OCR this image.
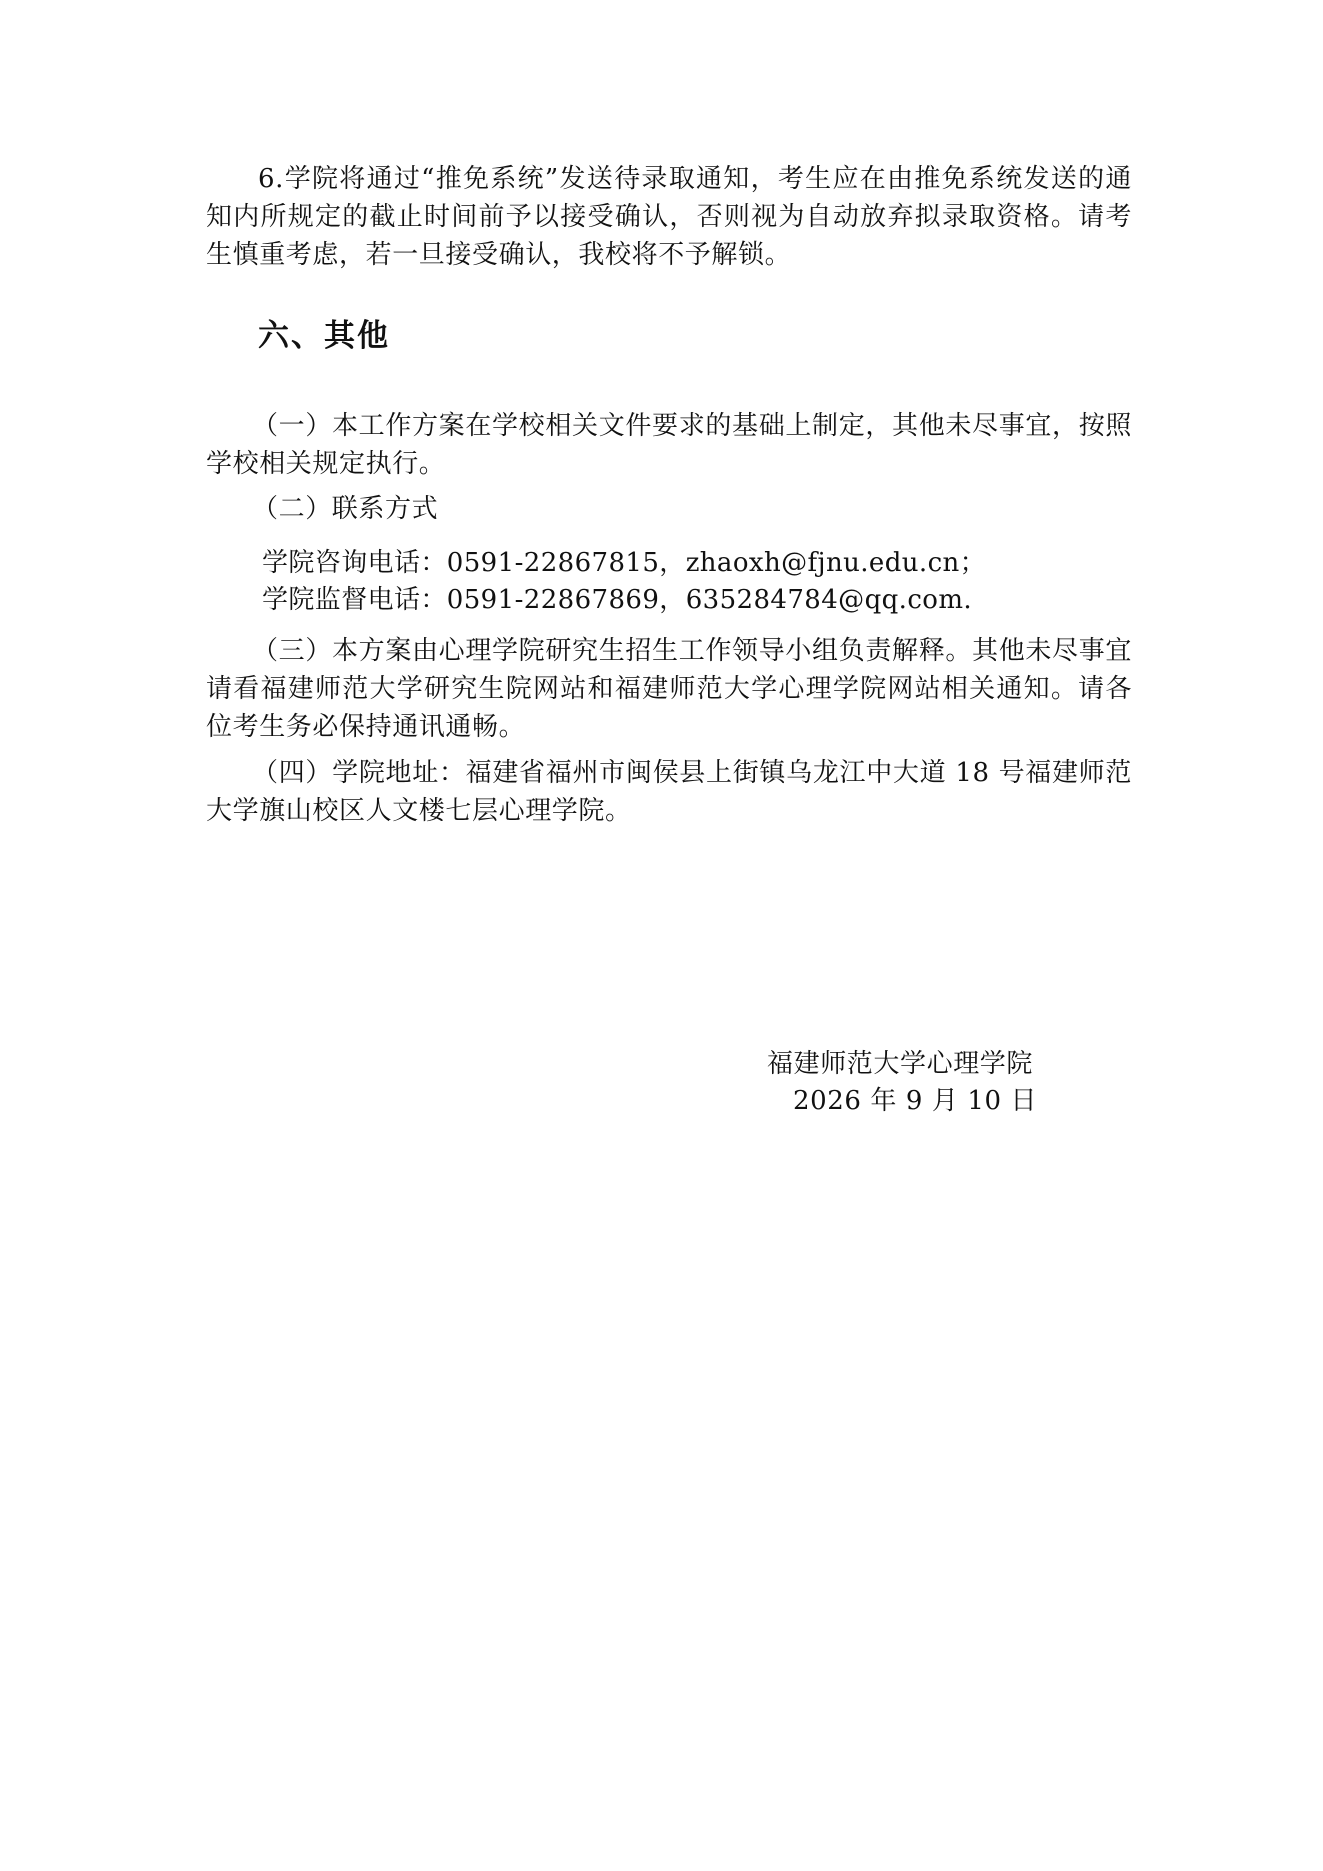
6.学院将通过“推免系统”发送待录取通知，考生应在由推免系统发送的通知内所规定的截止时间前予以接受确认，否则视为自动放弃拟录取资格。请考生慎重考虑，若一旦接受确认，我校将不予解锁。

六、其他

（一）本工作方案在学校相关文件要求的基础上制定，其他未尽事宜，按照学校相关规定执行。

（二）联系方式

学院咨询电话：0591-22867815，zhaoxh@fjnu.edu.cn；

学院监督电话：0591-22867869，635284784@qq.com.

（三）本方案由心理学院研究生招生工作领导小组负责解释。其他未尽事宜请看福建师范大学研究生院网站和福建师范大学心理学院网站相关通知。请各位考生务必保持通讯通畅。

（四）学院地址：福建省福州市闽侯县上街镇乌龙江中大道 18 号福建师范大学旗山校区人文楼七层心理学院。

福建师范大学心理学院

2026 年 9 月 10 日
